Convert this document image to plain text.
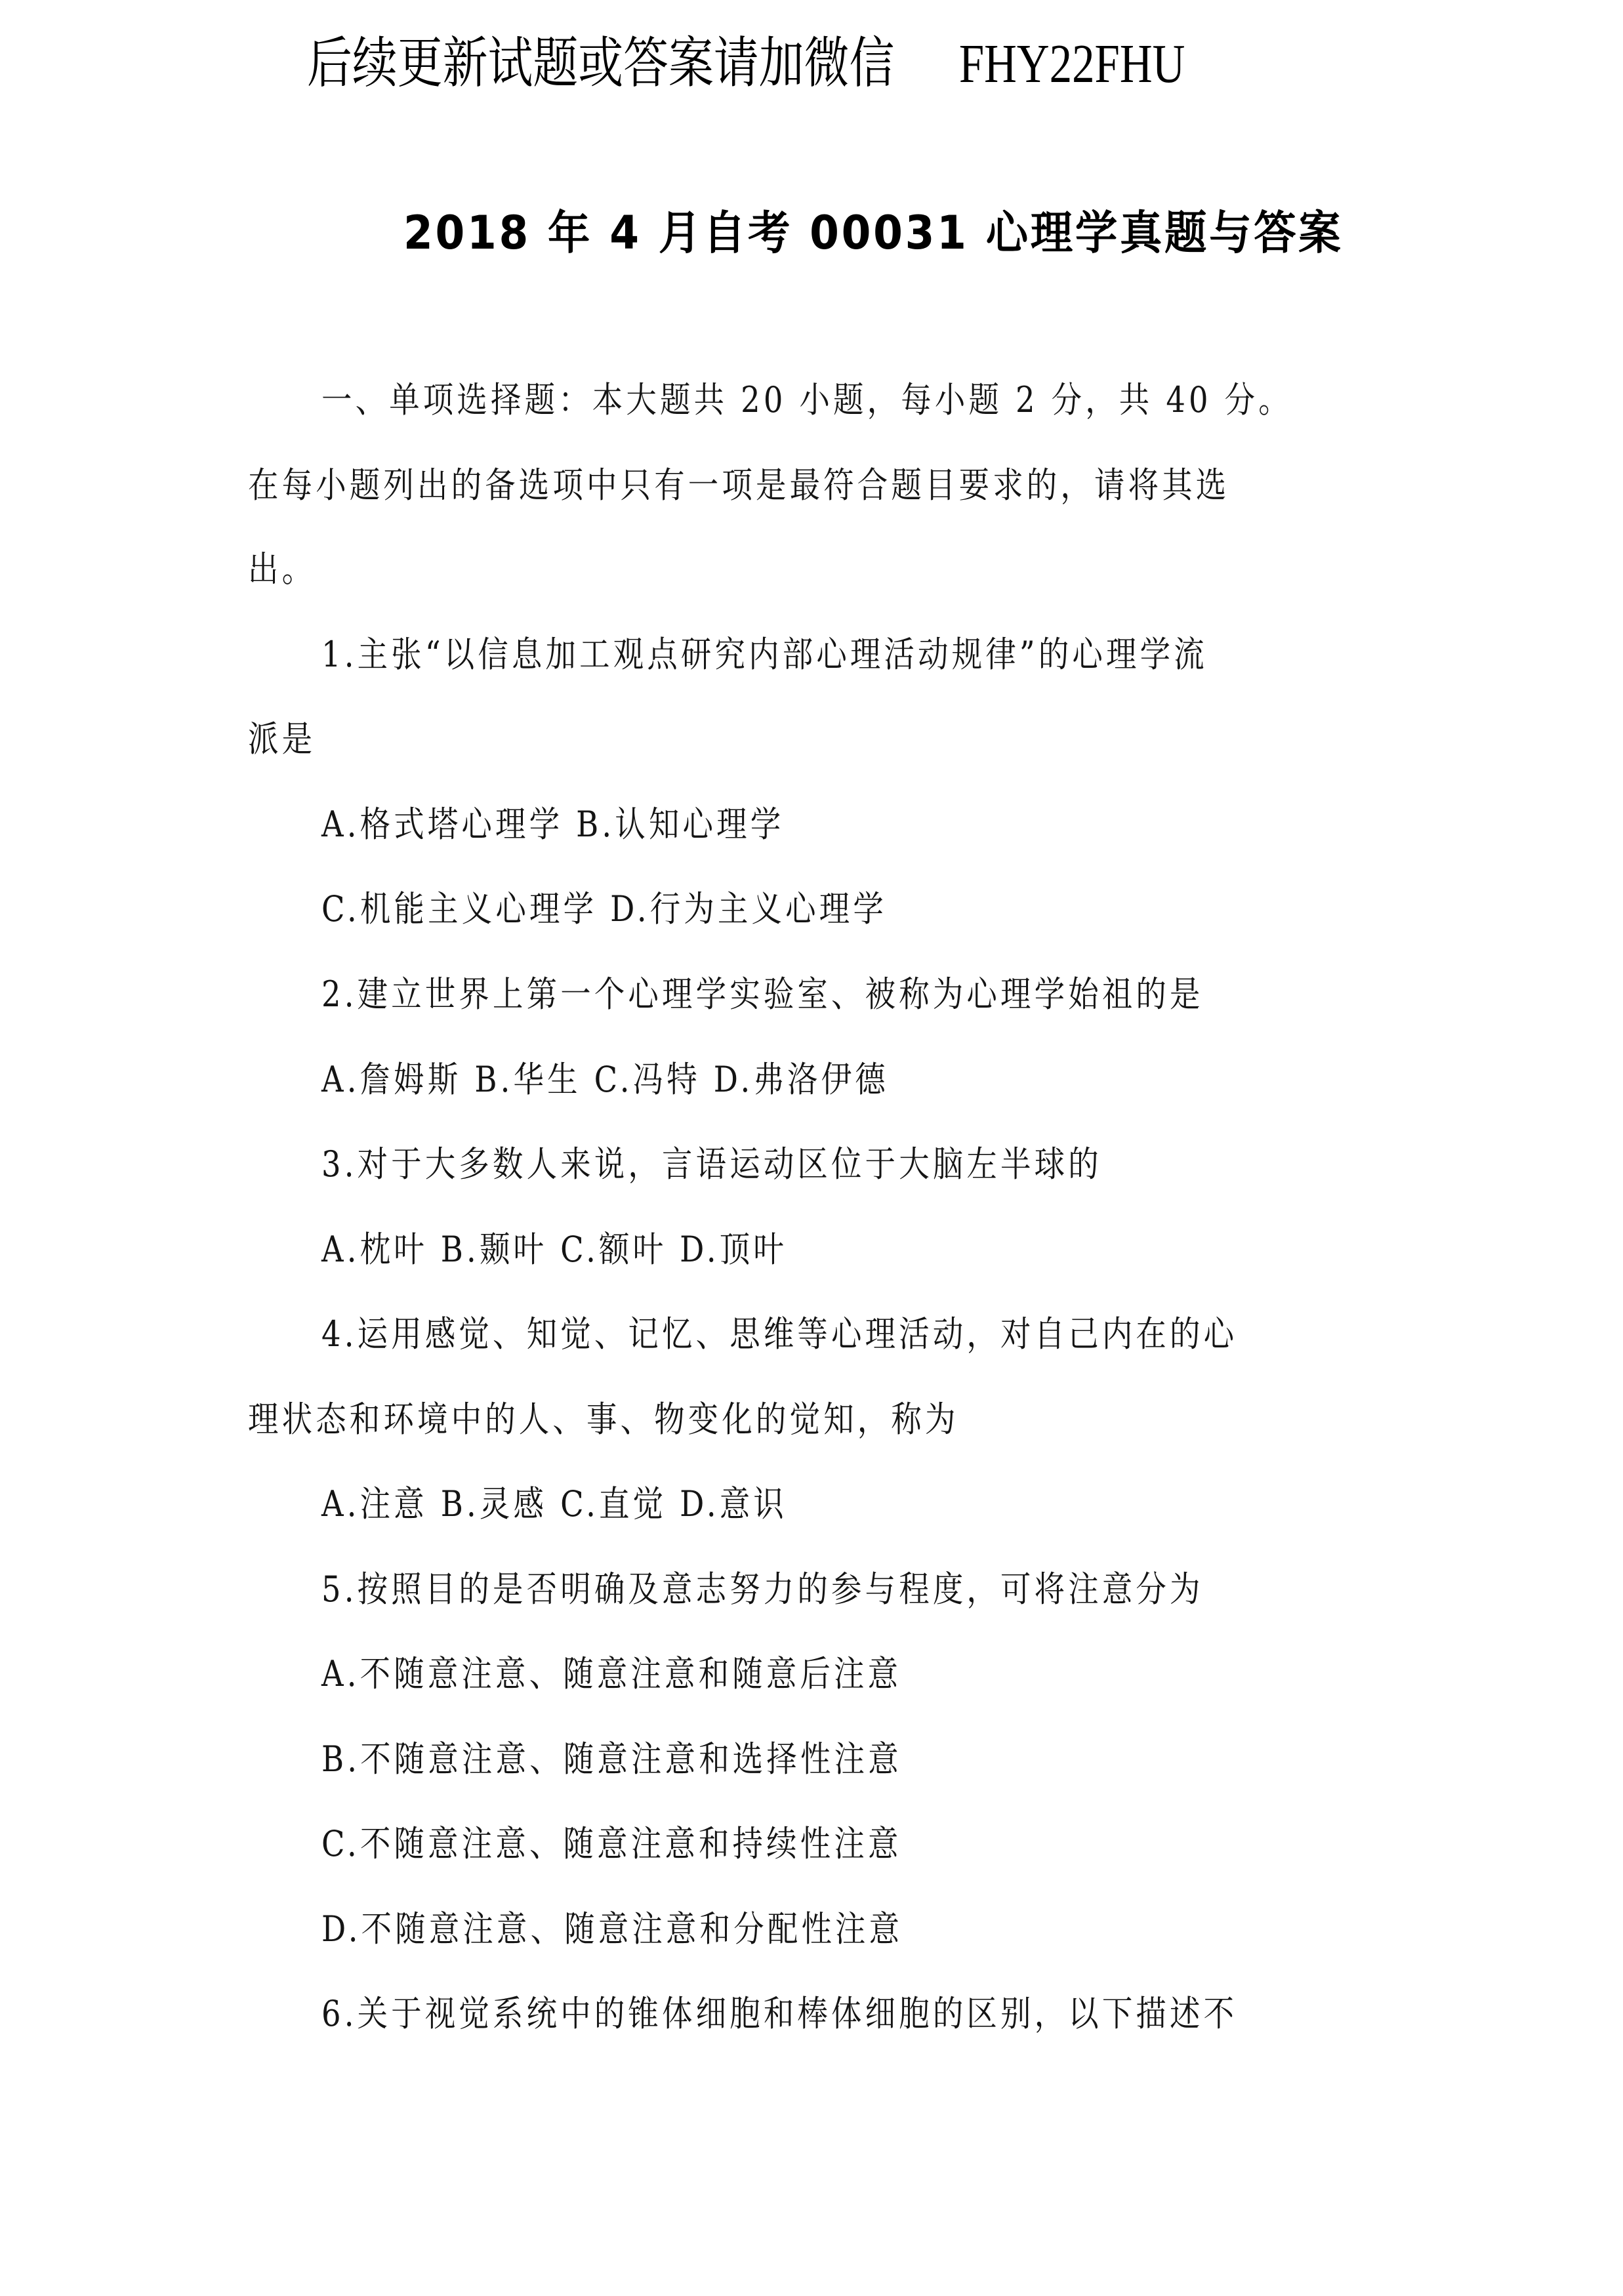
后续更新试题或答案请加微信 FHY22FHU
2018 年 4 月自考 00031 心理学真题与答案
一、单项选择题：本大题共 20 小题，每小题 2 分，共 40 分。
在每小题列出的备选项中只有一项是最符合题目要求的，请将其选
出。
1.主张“以信息加工观点研究内部心理活动规律”的心理学流
派是
A.格式塔心理学 B.认知心理学
C.机能主义心理学 D.行为主义心理学
2.建立世界上第一个心理学实验室、被称为心理学始祖的是
A.詹姆斯 B.华生 C.冯特 D.弗洛伊德
3.对于大多数人来说，言语运动区位于大脑左半球的
A.枕叶 B.颞叶 C.额叶 D.顶叶
4.运用感觉、知觉、记忆、思维等心理活动，对自己内在的心
理状态和环境中的人、事、物变化的觉知，称为
A.注意 B.灵感 C.直觉 D.意识
5.按照目的是否明确及意志努力的参与程度，可将注意分为
A.不随意注意、随意注意和随意后注意
B.不随意注意、随意注意和选择性注意
C.不随意注意、随意注意和持续性注意
D.不随意注意、随意注意和分配性注意
6.关于视觉系统中的锥体细胞和棒体细胞的区别，以下描述不
